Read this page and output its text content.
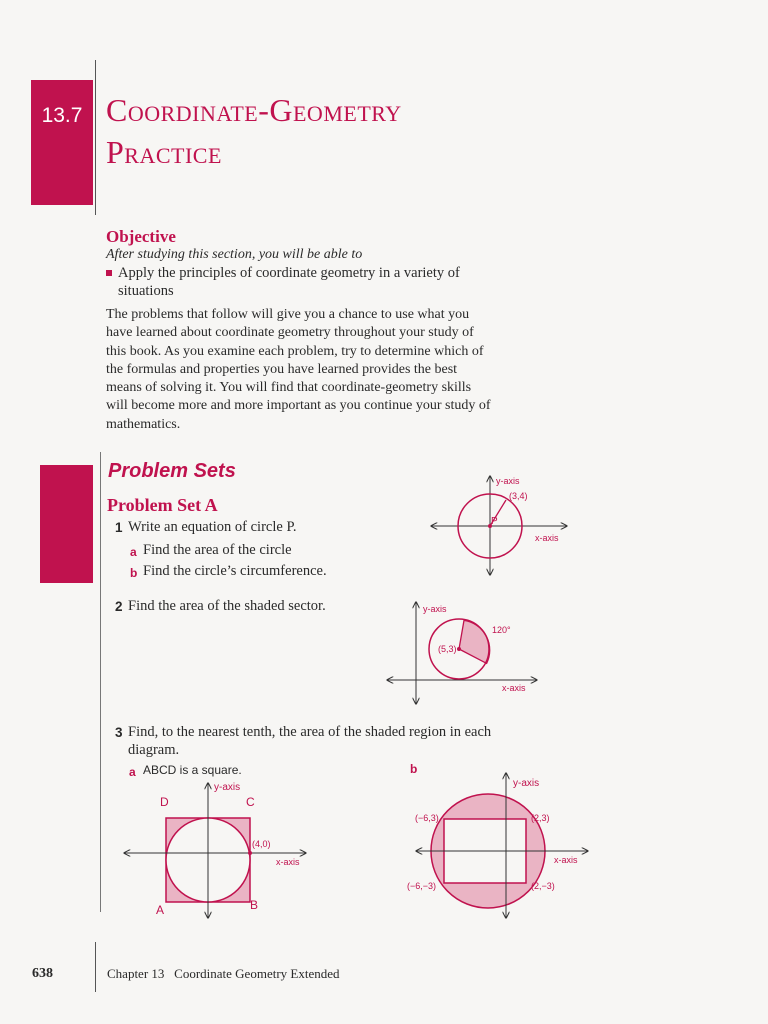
13.7 Coordinate-Geometry
Practice
Objective
After studying this section, you will be able to
Apply the principles of coordinate geometry in a variety of
situations
The problems that follow will give you a chance to use what you
have learned about coordinate geometry throughout your study of
this book. As you examine each problem, try to determine which of
the formulas and properties you have learned provides the best
means of solving it. You will find that coordinate-geometry skills
will become more and more important as you continue your study of
mathematics.
Problem Sets
Problem Set A
1 Write an equation of circle P.
a Find the area of the circle
b Find the circle’s circumference.
2 Find the area of the shaded sector.
3 Find, to the nearest tenth, the area of the shaded region in each
diagram.
a ABCD is a square.	b
y-axis
(3,4)
P
x-axis
y-axis
120°
(5,3)
x-axis
y-axis
D	C
(4,0)
x-axis
A	B
y-axis
(−6,3)	(2,3)
x-axis
(−6,−3)	(2,−3)
638	Chapter 13 Coordinate Geometry Extended
